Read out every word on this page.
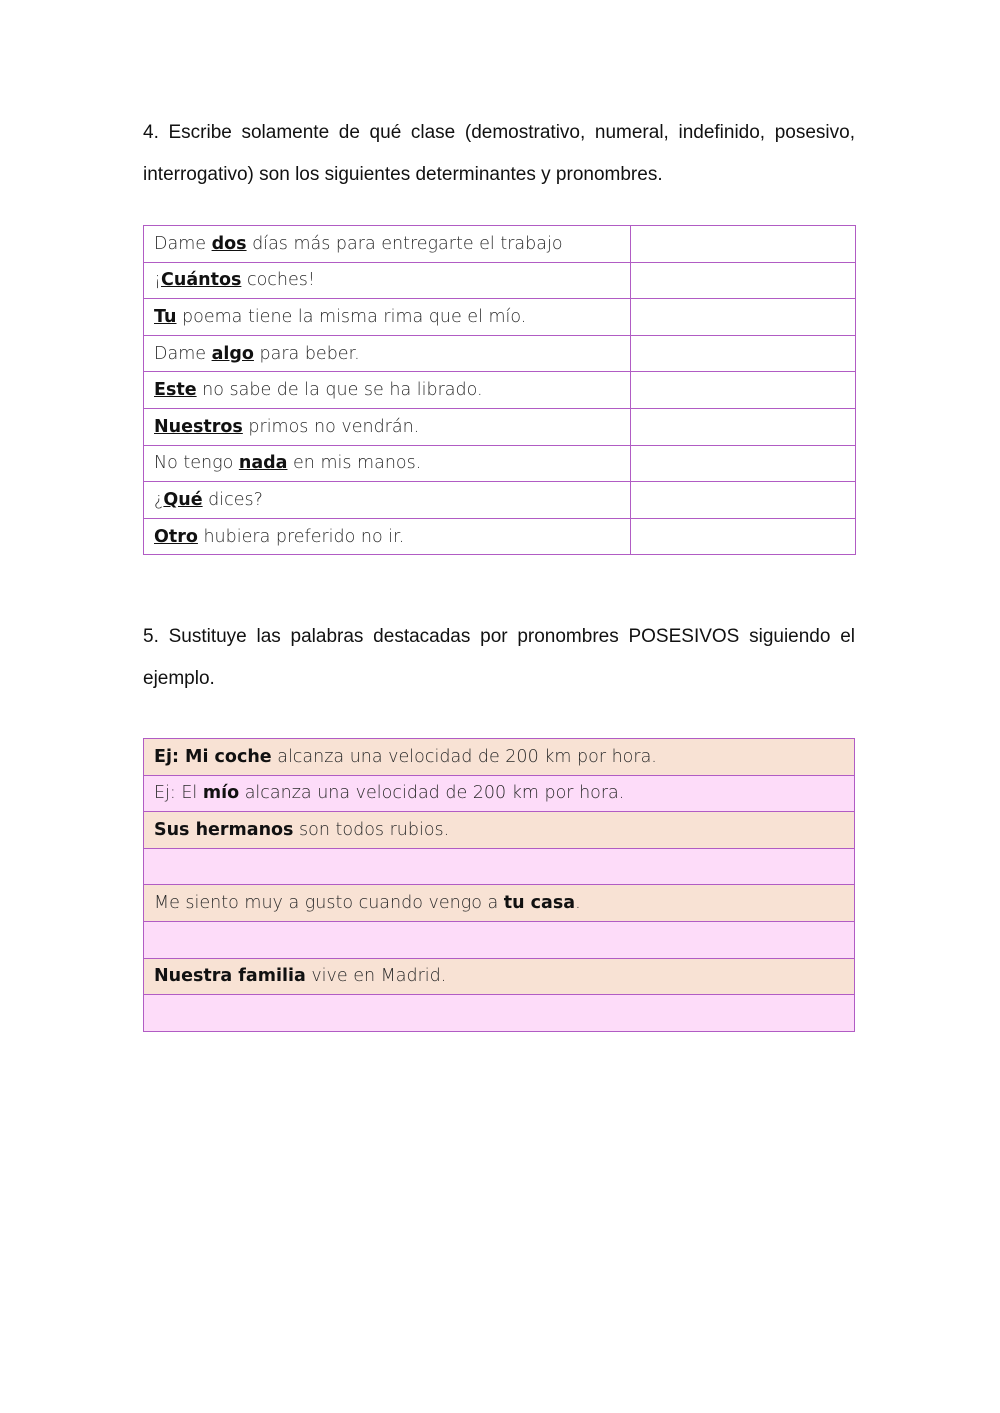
4. Escribe solamente de qué clase (demostrativo, numeral, indefinido, posesivo, interrogativo) son los siguientes determinantes y pronombres.

Dame dos días más para entregarte el trabajo	
¡Cuántos coches!	
Tu poema tiene la misma rima que el mío.	
Dame algo para beber.	
Este no sabe de la que se ha librado.	
Nuestros primos no vendrán.	
No tengo nada en mis manos.	
¿Qué dices?	
Otro hubiera preferido no ir.	

5. Sustituye las palabras destacadas por pronombres POSESIVOS siguiendo el ejemplo.

Ej: Mi coche alcanza una velocidad de 200 km por hora.
Ej: El mío alcanza una velocidad de 200 km por hora.
Sus hermanos son todos rubios.

Me siento muy a gusto cuando vengo a tu casa.

Nuestra familia vive en Madrid.
